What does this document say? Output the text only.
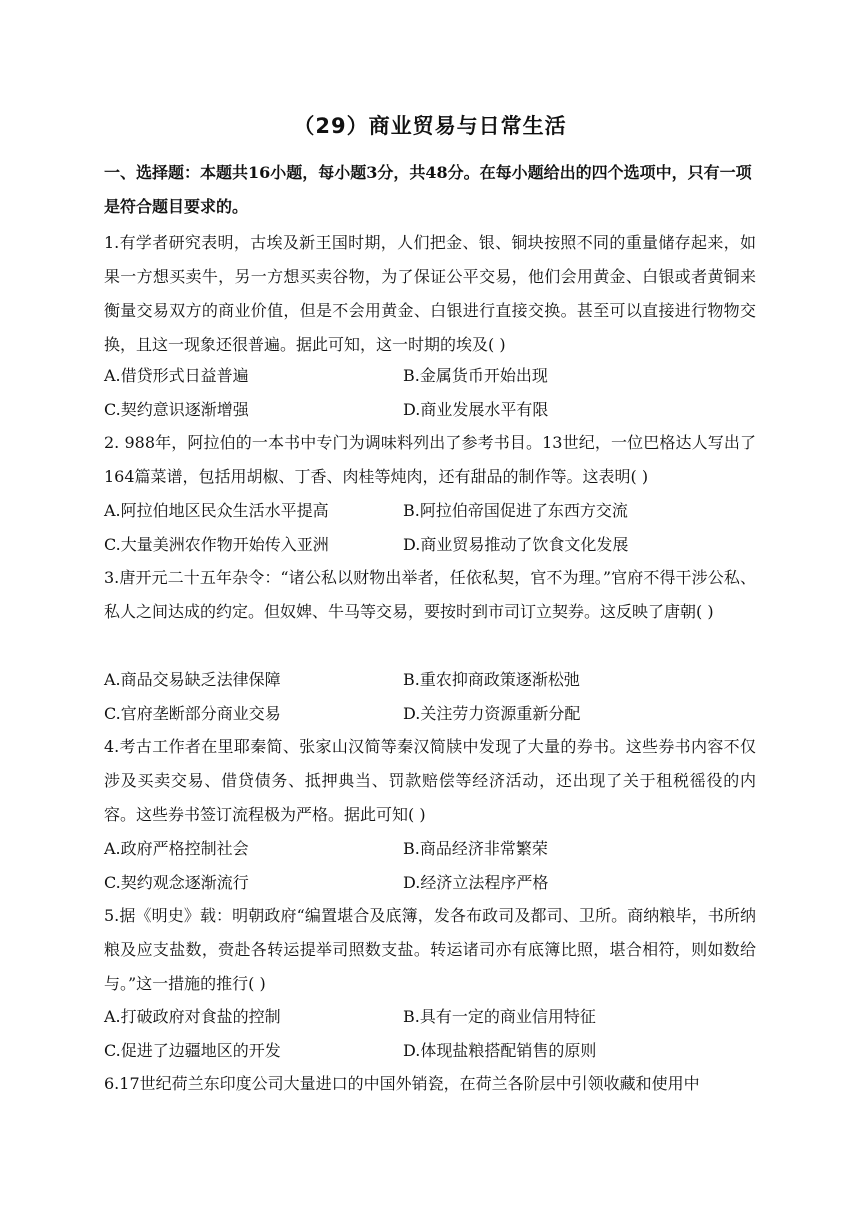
（29）商业贸易与日常生活
一、选择题：本题共16小题，每小题3分，共48分。在每小题给出的四个选项中，只有一项是符合题目要求的。
1.有学者研究表明，古埃及新王国时期，人们把金、银、铜块按照不同的重量储存起来，如果一方想买卖牛，另一方想买卖谷物，为了保证公平交易，他们会用黄金、白银或者黄铜来衡量交易双方的商业价值，但是不会用黄金、白银进行直接交换。甚至可以直接进行物物交换，且这一现象还很普遍。据此可知，这一时期的埃及( )
A.借贷形式日益普遍	B.金属货币开始出现
C.契约意识逐渐增强	D.商业发展水平有限
2. 988年，阿拉伯的一本书中专门为调味料列出了参考书目。13世纪，一位巴格达人写出了164篇菜谱，包括用胡椒、丁香、肉桂等炖肉，还有甜品的制作等。这表明( )
A.阿拉伯地区民众生活水平提高	B.阿拉伯帝国促进了东西方交流
C.大量美洲农作物开始传入亚洲	D.商业贸易推动了饮食文化发展
3.唐开元二十五年杂令：“诸公私以财物出举者，任依私契，官不为理。”官府不得干涉公私、私人之间达成的约定。但奴婢、牛马等交易，要按时到市司订立契券。这反映了唐朝( )
A.商品交易缺乏法律保障	B.重农抑商政策逐渐松弛
C.官府垄断部分商业交易	D.关注劳力资源重新分配
4.考古工作者在里耶秦简、张家山汉简等秦汉简牍中发现了大量的券书。这些券书内容不仅涉及买卖交易、借贷债务、抵押典当、罚款赔偿等经济活动，还出现了关于租税徭役的内容。这些券书签订流程极为严格。据此可知( )
A.政府严格控制社会	B.商品经济非常繁荣
C.契约观念逐渐流行	D.经济立法程序严格
5.据《明史》载：明朝政府“编置堪合及底簿，发各布政司及都司、卫所。商纳粮毕，书所纳粮及应支盐数，赍赴各转运提举司照数支盐。转运诸司亦有底簿比照，堪合相符，则如数给与。”这一措施的推行( )
A.打破政府对食盐的控制	B.具有一定的商业信用特征
C.促进了边疆地区的开发	D.体现盐粮搭配销售的原则
6.17世纪荷兰东印度公司大量进口的中国外销瓷，在荷兰各阶层中引领收藏和使用中
